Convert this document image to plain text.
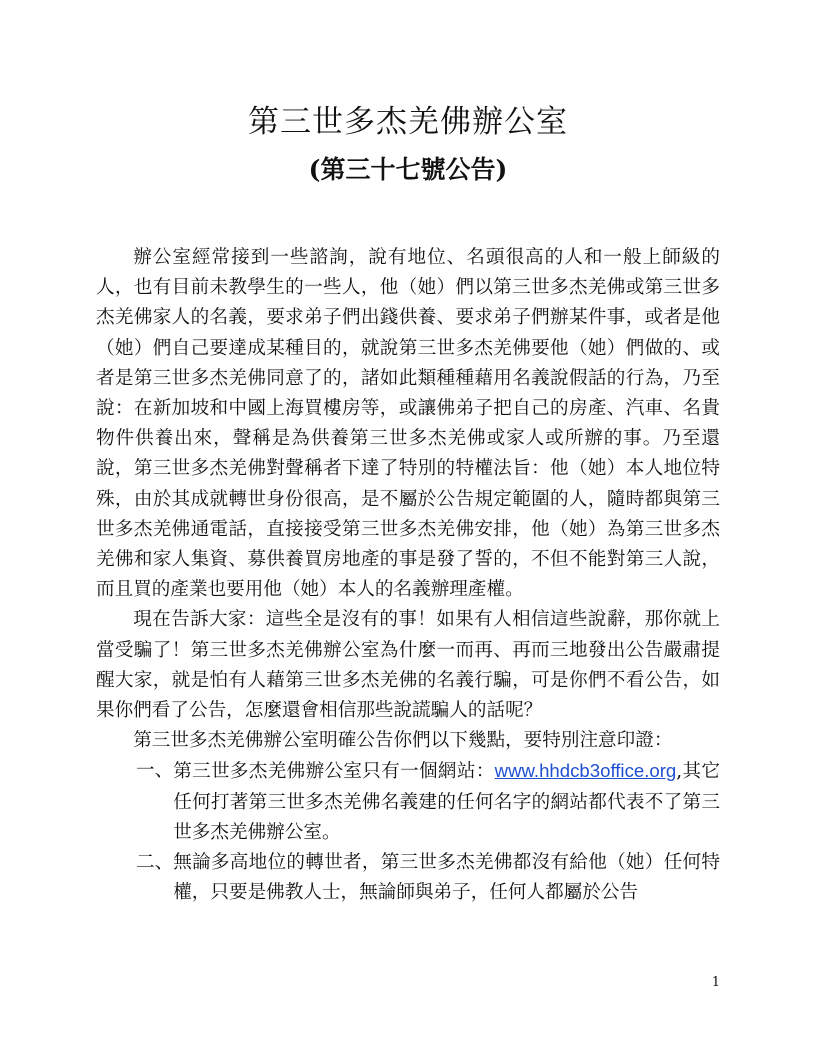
第三世多杰羌佛辦公室
(第三十七號公告)

辦公室經常接到一些諮詢，說有地位、名頭很高的人和一般上師級的人，也有目前未教學生的一些人，他（她）們以第三世多杰羌佛或第三世多杰羌佛家人的名義，要求弟子們出錢供養、要求弟子們辦某件事，或者是他（她）們自己要達成某種目的，就說第三世多杰羌佛要他（她）們做的、或者是第三世多杰羌佛同意了的，諸如此類種種藉用名義說假話的行為，乃至說：在新加坡和中國上海買樓房等，或讓佛弟子把自己的房產、汽車、名貴物件供養出來，聲稱是為供養第三世多杰羌佛或家人或所辦的事。乃至還說，第三世多杰羌佛對聲稱者下達了特別的特權法旨：他（她）本人地位特殊，由於其成就轉世身份很高，是不屬於公告規定範圍的人，隨時都與第三世多杰羌佛通電話，直接接受第三世多杰羌佛安排，他（她）為第三世多杰羌佛和家人集資、募供養買房地產的事是發了誓的，不但不能對第三人說，而且買的產業也要用他（她）本人的名義辦理產權。

現在告訴大家：這些全是沒有的事！如果有人相信這些說辭，那你就上當受騙了！第三世多杰羌佛辦公室為什麼一而再、再而三地發出公告嚴肅提醒大家，就是怕有人藉第三世多杰羌佛的名義行騙，可是你們不看公告，如果你們看了公告，怎麼還會相信那些說謊騙人的話呢？

第三世多杰羌佛辦公室明確公告你們以下幾點，要特別注意印證：

一、 第三世多杰羌佛辦公室只有一個網站：www.hhdcb3office.org,其它任何打著第三世多杰羌佛名義建的任何名字的網站都代表不了第三世多杰羌佛辦公室。
二、 無論多高地位的轉世者，第三世多杰羌佛都沒有給他（她）任何特權，只要是佛教人士，無論師與弟子，任何人都屬於公告
1
